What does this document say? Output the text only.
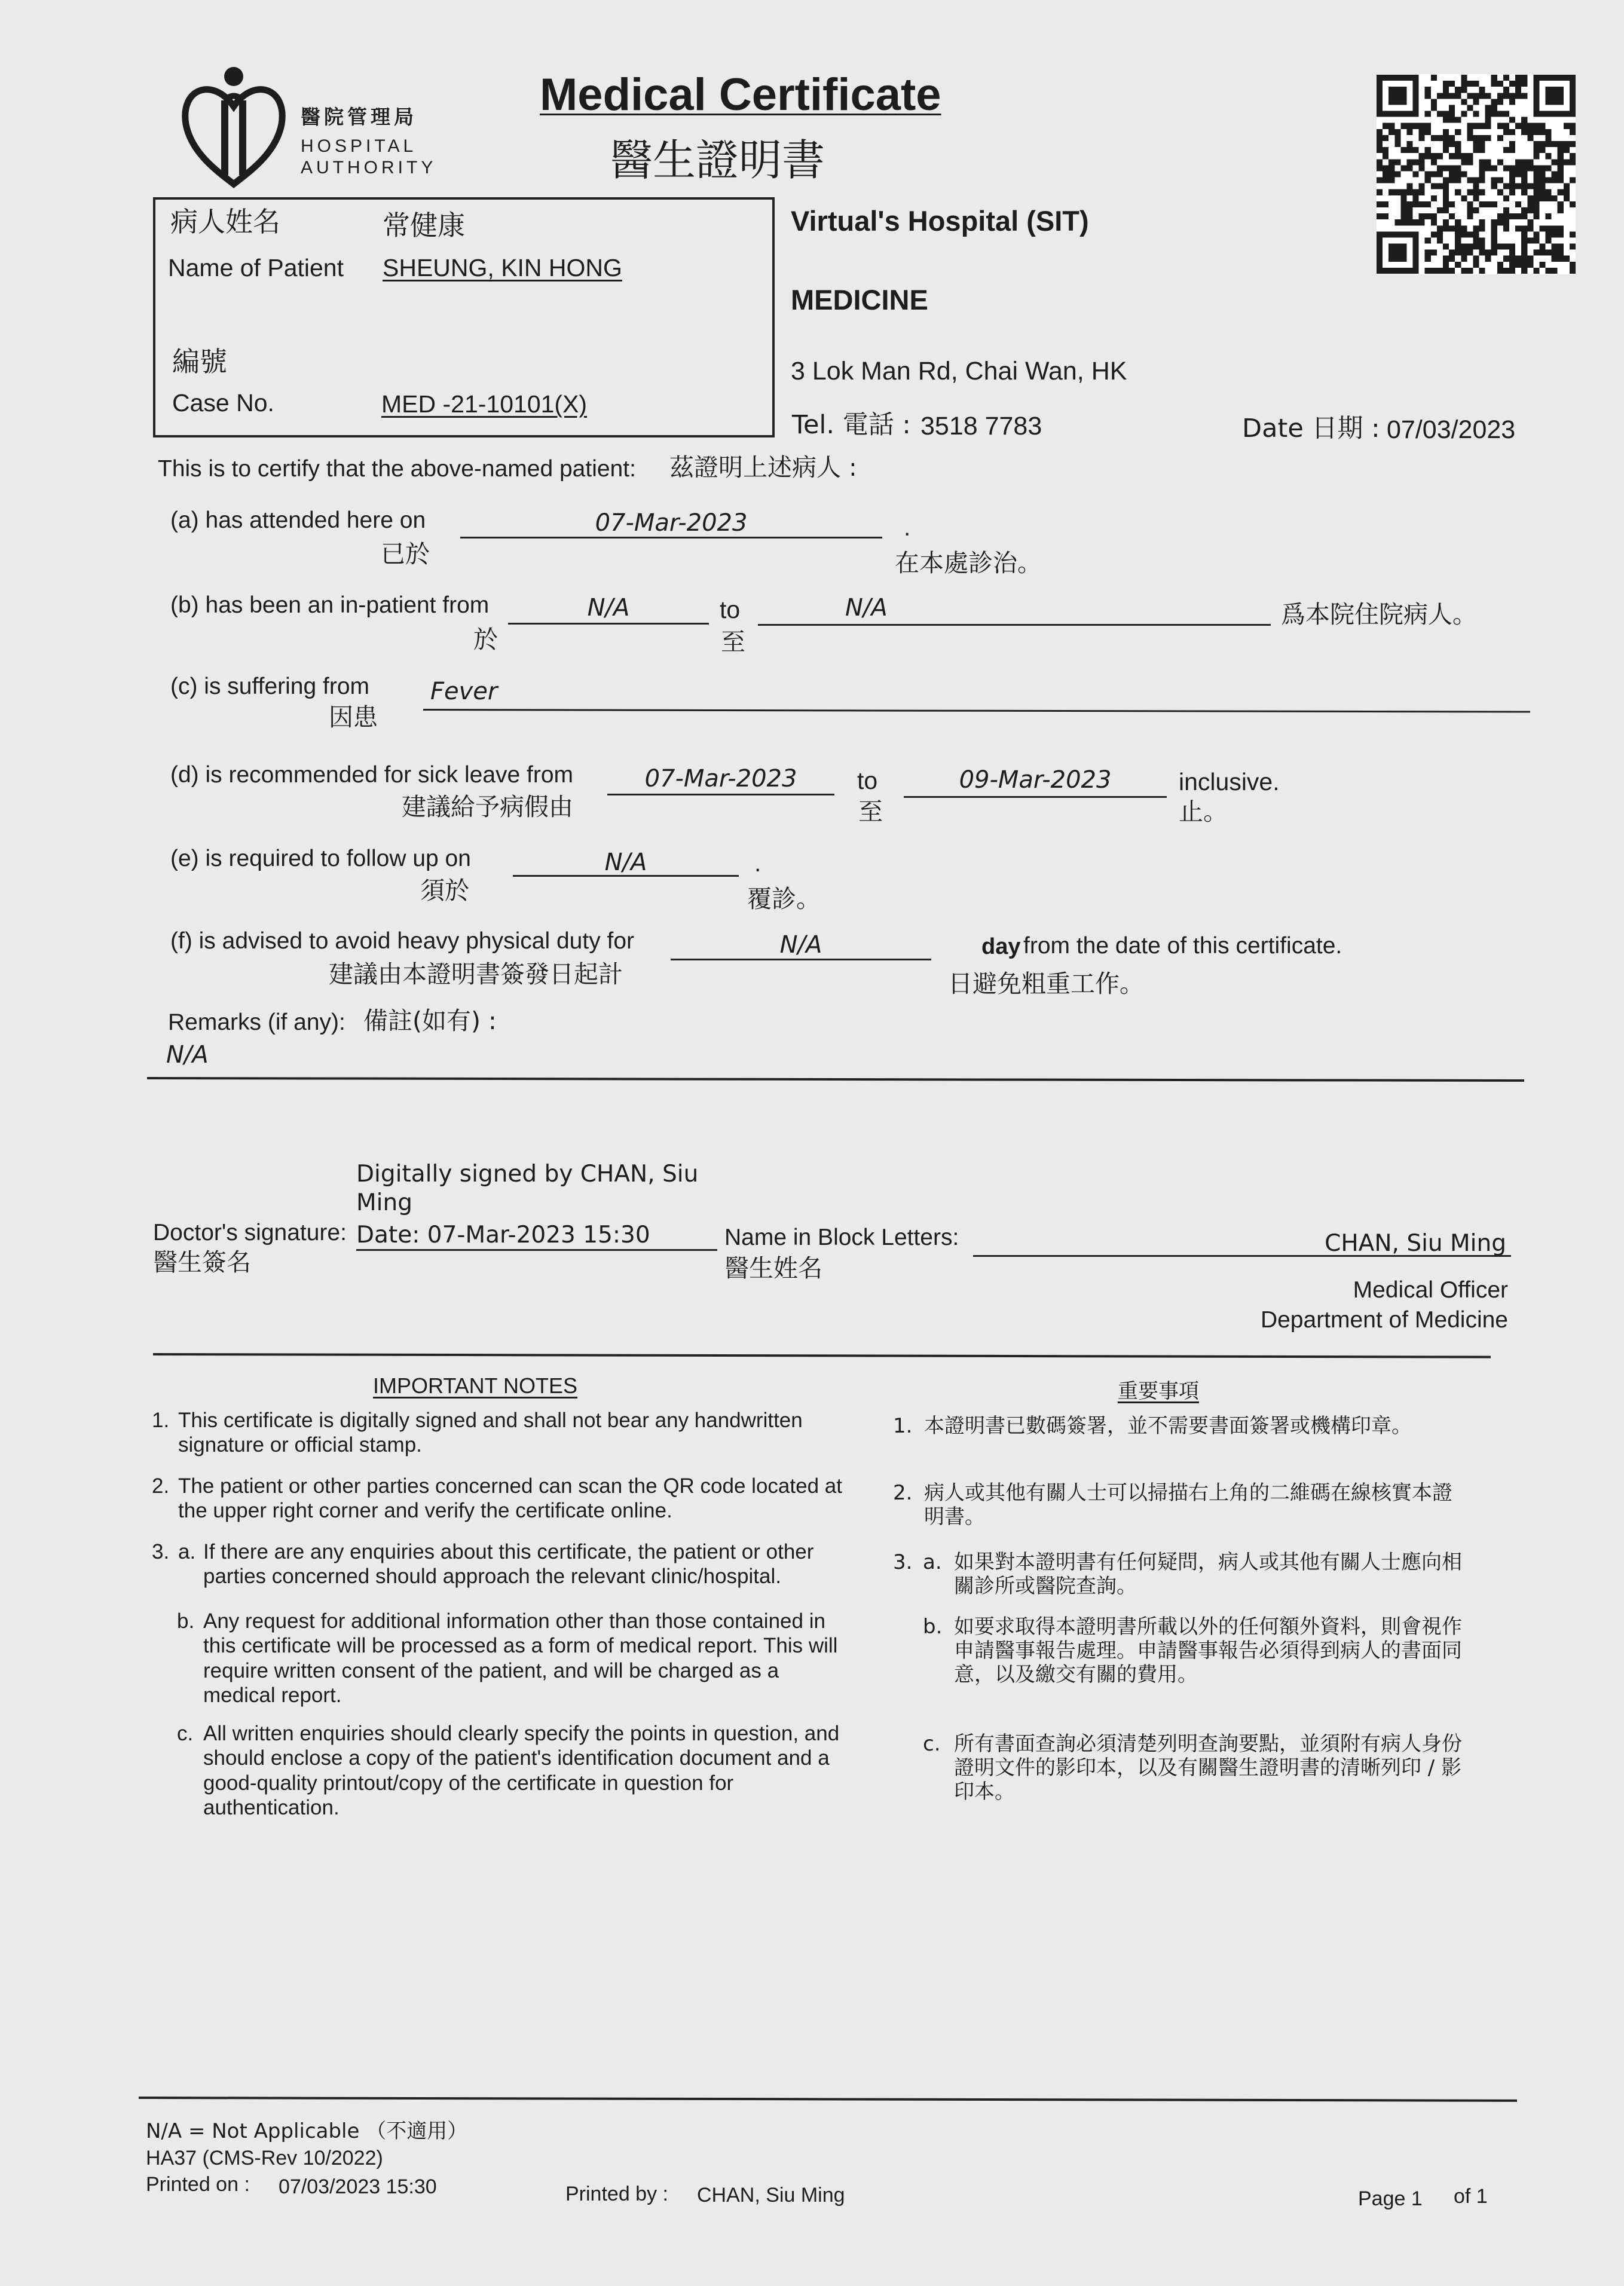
醫院管理局
HOSPITAL
AUTHORITY
Medical Certificate
醫生證明書
病人姓名	常健康
Name of Patient SHEUNG, KIN HONG
編號
Case No.	MED -21-10101(X)
Virtual's Hospital (SIT)
MEDICINE
3 Lok Man Rd, Chai Wan, HK
Tel. 電話 : 3518 7783	Date 日期 : 07/03/2023
This is to certify that the above-named patient: 茲證明上述病人 :
(a) has attended here on
已於
07-Mar-2023	.
在本處診治。
(b) has been an in-patient from
於
N/A	to
至
N/A	爲本院住院病人。
(c) is suffering from
因患
Fever
(d) is recommended for sick leave from
建議給予病假由
07-Mar-2023	to
至
09-Mar-2023	inclusive.
止。
(e) is required to follow up on
須於
N/A	.
覆診。
(f) is advised to avoid heavy physical duty for
建議由本證明書簽發日起計
N/A	day from the date of this certificate.
日避免粗重工作。
Remarks (if any): 備註(如有) :
N/A
Digitally signed by CHAN, Siu
Ming
Date: 07-Mar-2023 15:30
Doctor's signature:
醫生簽名
Name in Block Letters:
醫生姓名
CHAN, Siu Ming
Medical Officer
Department of Medicine
IMPORTANT NOTES
1. This certificate is digitally signed and shall not bear any handwritten signature or official stamp.
2. The patient or other parties concerned can scan the QR code located at the upper right corner and verify the certificate online.
3. a. If there are any enquiries about this certificate, the patient or other parties concerned should approach the relevant clinic/hospital.
b. Any request for additional information other than those contained in this certificate will be processed as a form of medical report. This will require written consent of the patient, and will be charged as a medical report.
c. All written enquiries should clearly specify the points in question, and should enclose a copy of the patient's identification document and a good-quality printout/copy of the certificate in question for authentication.
重要事項
1. 本證明書已數碼簽署，並不需要書面簽署或機構印章。
2. 病人或其他有關人士可以掃描右上角的二維碼在線核實本證明書。
3. a. 如果對本證明書有任何疑問，病人或其他有關人士應向相關診所或醫院查詢。
b. 如要求取得本證明書所載以外的任何額外資料，則會視作申請醫事報告處理。申請醫事報告必須得到病人的書面同意，以及繳交有關的費用。
c. 所有書面查詢必須清楚列明查詢要點，並須附有病人身份證明文件的影印本，以及有關醫生證明書的清晰列印 / 影印本。
N/A = Not Applicable （不適用）
HA37 (CMS-Rev 10/2022)
Printed on : 07/03/2023 15:30	Printed by : CHAN, Siu Ming	Page 1 of 1
